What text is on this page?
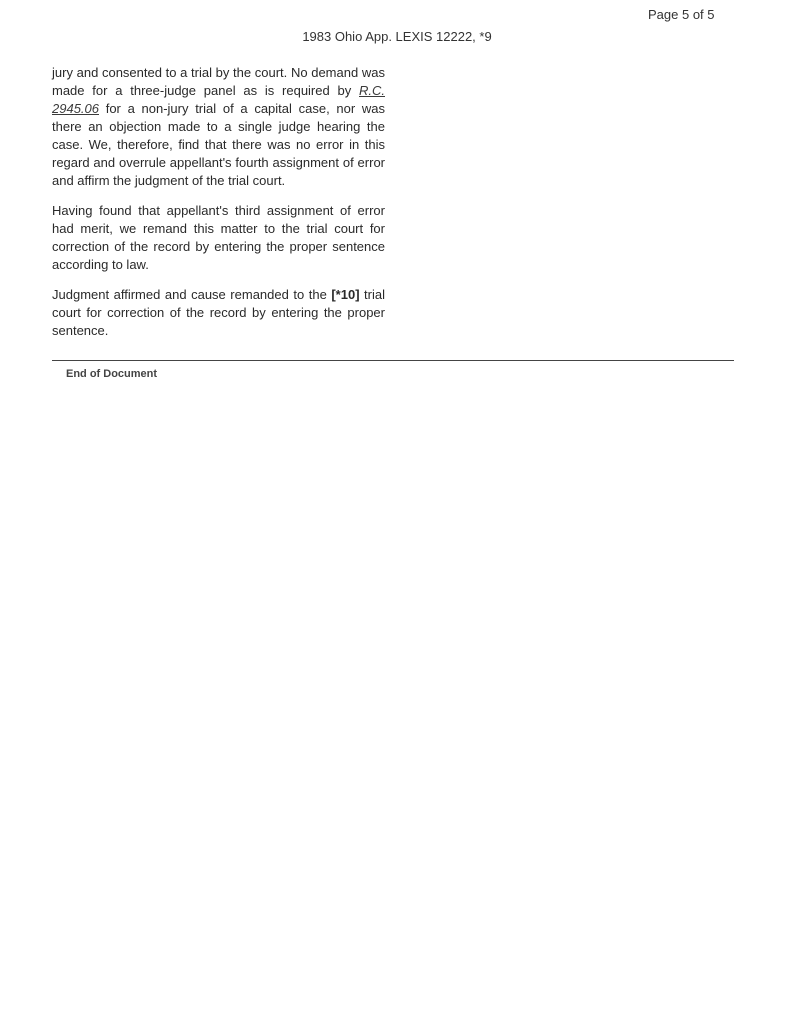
Page 5 of 5
1983 Ohio App. LEXIS 12222, *9

jury and consented to a trial by the court. No demand was made for a three-judge panel as is required by R.C. 2945.06 for a non-jury trial of a capital case, nor was there an objection made to a single judge hearing the case. We, therefore, find that there was no error in this regard and overrule appellant's fourth assignment of error and affirm the judgment of the trial court.

Having found that appellant's third assignment of error had merit, we remand this matter to the trial court for correction of the record by entering the proper sentence according to law.

Judgment affirmed and cause remanded to the [*10] trial court for correction of the record by entering the proper sentence.

End of Document
